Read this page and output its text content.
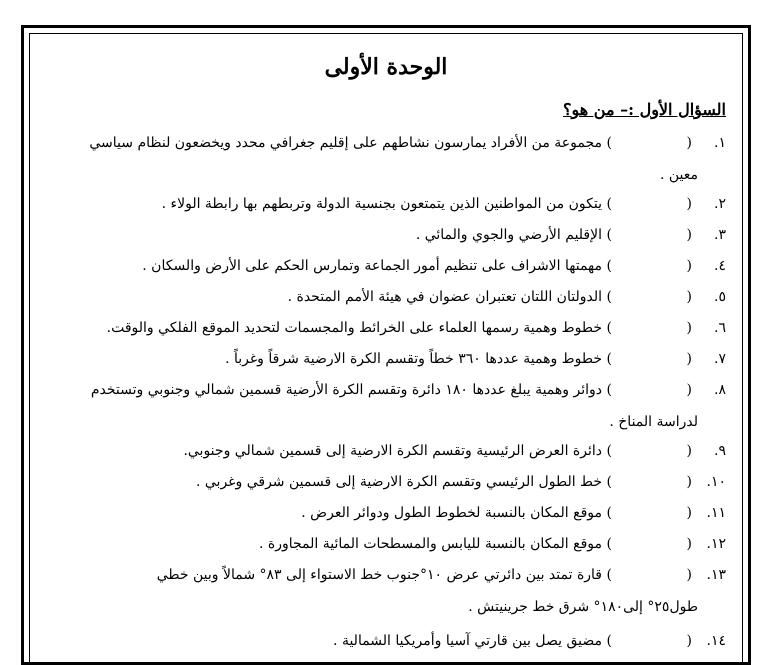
الوحدة الأولى
السؤال الأول :– من هو؟
١.
(
)
مجموعة من الأفراد يمارسون نشاطهم على إقليم جغرافي محدد ويخضعون لنظام سياسي
معين .
٢.
(
)
يتكون من المواطنين الذين يتمتعون بجنسية الدولة وتربطهم بها رابطة الولاء .
٣.
(
)
الإقليم الأرضي والجوي والمائي .
٤.
(
)
مهمتها الاشراف على تنظيم أمور الجماعة وتمارس الحكم على الأرض والسكان .
٥.
(
)
الدولتان اللتان تعتبران عضوان في هيئة الأمم المتحدة .
٦.
(
)
خطوط وهمية رسمها العلماء على الخرائط والمجسمات لتحديد الموقع الفلكي والوقت.
٧.
(
)
خطوط وهمية عددها ٣٦٠ خطاً وتقسم الكرة الارضية شرقاً وغرباً .
٨.
(
)
دوائر وهمية يبلغ عددها ١٨٠ دائرة وتقسم الكرة الأرضية قسمين شمالي وجنوبي وتستخدم
لدراسة المناخ .
٩.
(
)
دائرة العرض الرئيسية وتقسم الكرة الارضية إلى قسمين شمالي وجنوبي.
١٠.
(
)
خط الطول الرئيسي وتقسم الكرة الارضية إلى قسمين شرقي وغربي .
١١.
(
)
موقع المكان بالنسبة لخطوط الطول ودوائر العرض .
١٢.
(
)
موقع المكان بالنسبة لليابس والمسطحات المائية المجاورة .
١٣.
(
)
قارة تمتد بين دائرتي عرض ١٠°جنوب خط الاستواء إلى ٨٣° شمالاً وبين خطي
طول٢٥° إلى١٨٠° شرق خط جرينيتش .
١٤.
(
)
مضيق يصل بين قارتي آسيا وأمريكيا الشمالية .
